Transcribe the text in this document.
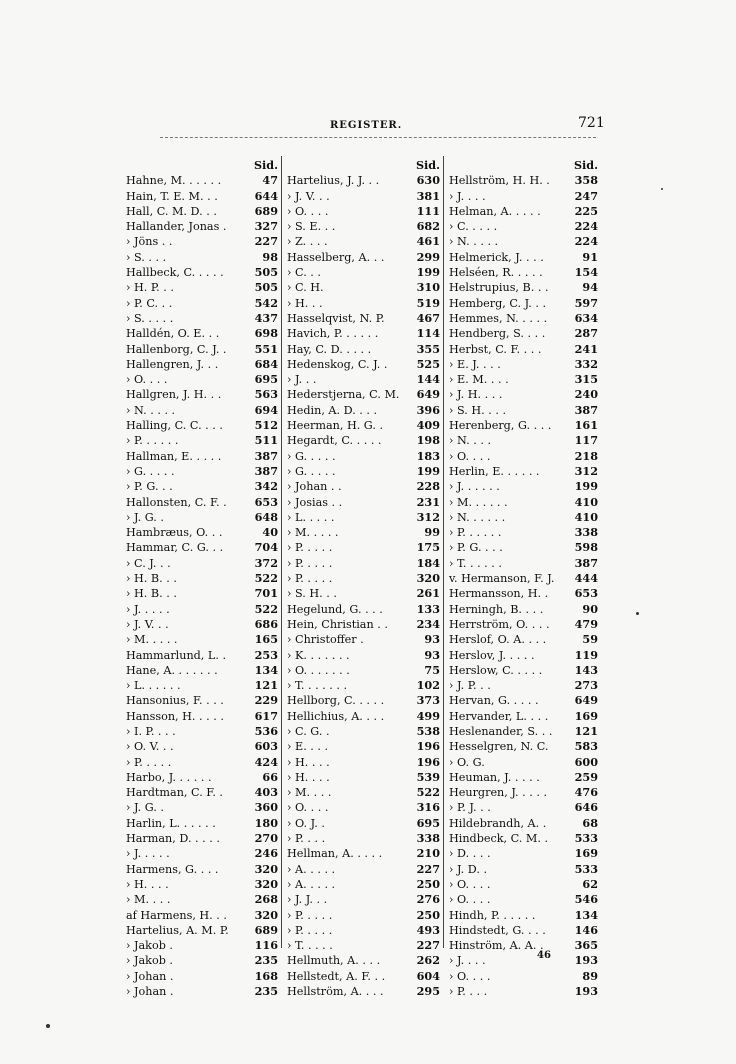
REGISTER.	721
Sid.
Hahne, M. . . . . .	47
Hain, T. E. M. . .	644
Hall, C. M. D. . .	689
Hallander, Jonas .	327
› Jöns . .	227
› S. . . .	98
Hallbeck, C. . . . .	505
› H. P. . .	505
› P. C. . .	542
› S. . . . .	437
Halldén, O. E. . .	698
Hallenborg, C. J. .	551
Hallengren, J. . .	684
› O. . . .	695
Hallgren, J. H. . .	563
› N. . . . .	694
Halling, C. C. . . .	512
› P. . . . . .	511
Hallman, E. . . . .	387
› G. . . . .	387
› P. G. . .	342
Hallonsten, C. F. .	653
› J. G. .	648
Hambræus, O. . .	40
Hammar, C. G. . .	704
› C. J. . .	372
› H. B. . .	522
› H. B. . .	701
› J. . . . .	522
› J. V. . .	686
› M. . . . .	165
Hammarlund, L. .	253
Hane, A. . . . . . .	134
› L. . . . . .	121
Hansonius, F. . . .	229
Hansson, H. . . . .	617
› I. P. . . .	536
› O. V. . .	603
› P. . . . .	424
Harbo, J. . . . . .	66
Hardtman, C. F. .	403
› J. G. .	360
Harlin, L. . . . . .	180
Harman, D. . . . .	270
› J. . . . .	246
Harmens, G. . . .	320
› H. . . .	320
› M. . . .	268
af Harmens, H. . .	320
Hartelius, A. M. P.	689
› Jakob .	116
› Jakob .	235
› Johan .	168
› Johan .	235
Sid.
Hartelius, J. J. . .	630
› J. V. . .	381
› O. . . .	111
› S. E. . .	682
› Z. . . .	461
Hasselberg, A. . .	299
› C. . .	199
› C. H.	310
› H. . .	519
Hasselqvist, N. P.	467
Havich, P. . . . . .	114
Hay, C. D. . . . .	355
Hedenskog, C. J. .	525
› J. . .	144
Hederstjerna, C. M.	649
Hedin, A. D. . . .	396
Heerman, H. G. .	409
Hegardt, C. . . . .	198
› G. . . . .	183
› G. . . . .	199
› Johan . .	228
› Josias . .	231
› L. . . . .	312
› M. . . . .	99
› P. . . . .	175
› P. . . . .	184
› P. . . . .	320
› S. H. . .	261
Hegelund, G. . . .	133
Hein, Christian . .	234
› Christoffer .	93
› K. . . . . . .	93
› O. . . . . . .	75
› T. . . . . . .	102
Hellborg, C. . . . .	373
Hellichius, A. . . .	499
› C. G. .	538
› E. . . .	196
› H. . . .	196
› H. . . .	539
› M. . . .	522
› O. . . .	316
› O. J. .	695
› P. . . .	338
Hellman, A. . . . .	210
› A. . . . .	227
› A. . . . .	250
› J. J. . .	276
› P. . . . .	250
› P. . . . .	493
› T. . . . .	227
Hellmuth, A. . . .	262
Hellstedt, A. F. . .	604
Hellström, A. . . .	295
Sid.
Hellström, H. H. .	358
› J. . . .	247
Helman, A. . . . .	225
› C. . . . .	224
› N. . . . .	224
Helmerick, J. . . .	91
Helséen, R. . . . .	154
Helstrupius, B. . .	94
Hemberg, C. J. . .	597
Hemmes, N. . . . .	634
Hendberg, S. . . .	287
Herbst, C. F. . . .	241
› E. J. . . .	332
› E. M. . . .	315
› J. H. . . .	240
› S. H. . . .	387
Herenberg, G. . . .	161
› N. . . .	117
› O. . . .	218
Herlin, E. . . . . .	312
› J. . . . . .	199
› M. . . . . .	410
› N. . . . . .	410
› P. . . . . .	338
› P. G. . . .	598
› T. . . . . .	387
v. Hermanson, F. J.	444
Hermansson, H. .	653
Herningh, B. . . .	90
Herrström, O. . . .	479
Herslof, O. A. . . .	59
Herslov, J. . . . .	119
Herslow, C. . . . .	143
› J. P. . .	273
Hervan, G. . . . .	649
Hervander, L. . . .	169
Heslenander, S. . .	121
Hesselgren, N. C.	583
› O. G.	600
Heuman, J. . . . .	259
Heurgren, J. . . . .	476
› P. J. . .	646
Hildebrandh, A. .	68
Hindbeck, C. M. .	533
› D. . . .	169
› J. D. .	533
› O. . . .	62
› O. . . .	546
Hindh, P. . . . . .	134
Hindstedt, G. . . .	146
Hinström, A. A. .	365
› J. . . .	193
› O. . . .	89
› P. . . .	193
46
